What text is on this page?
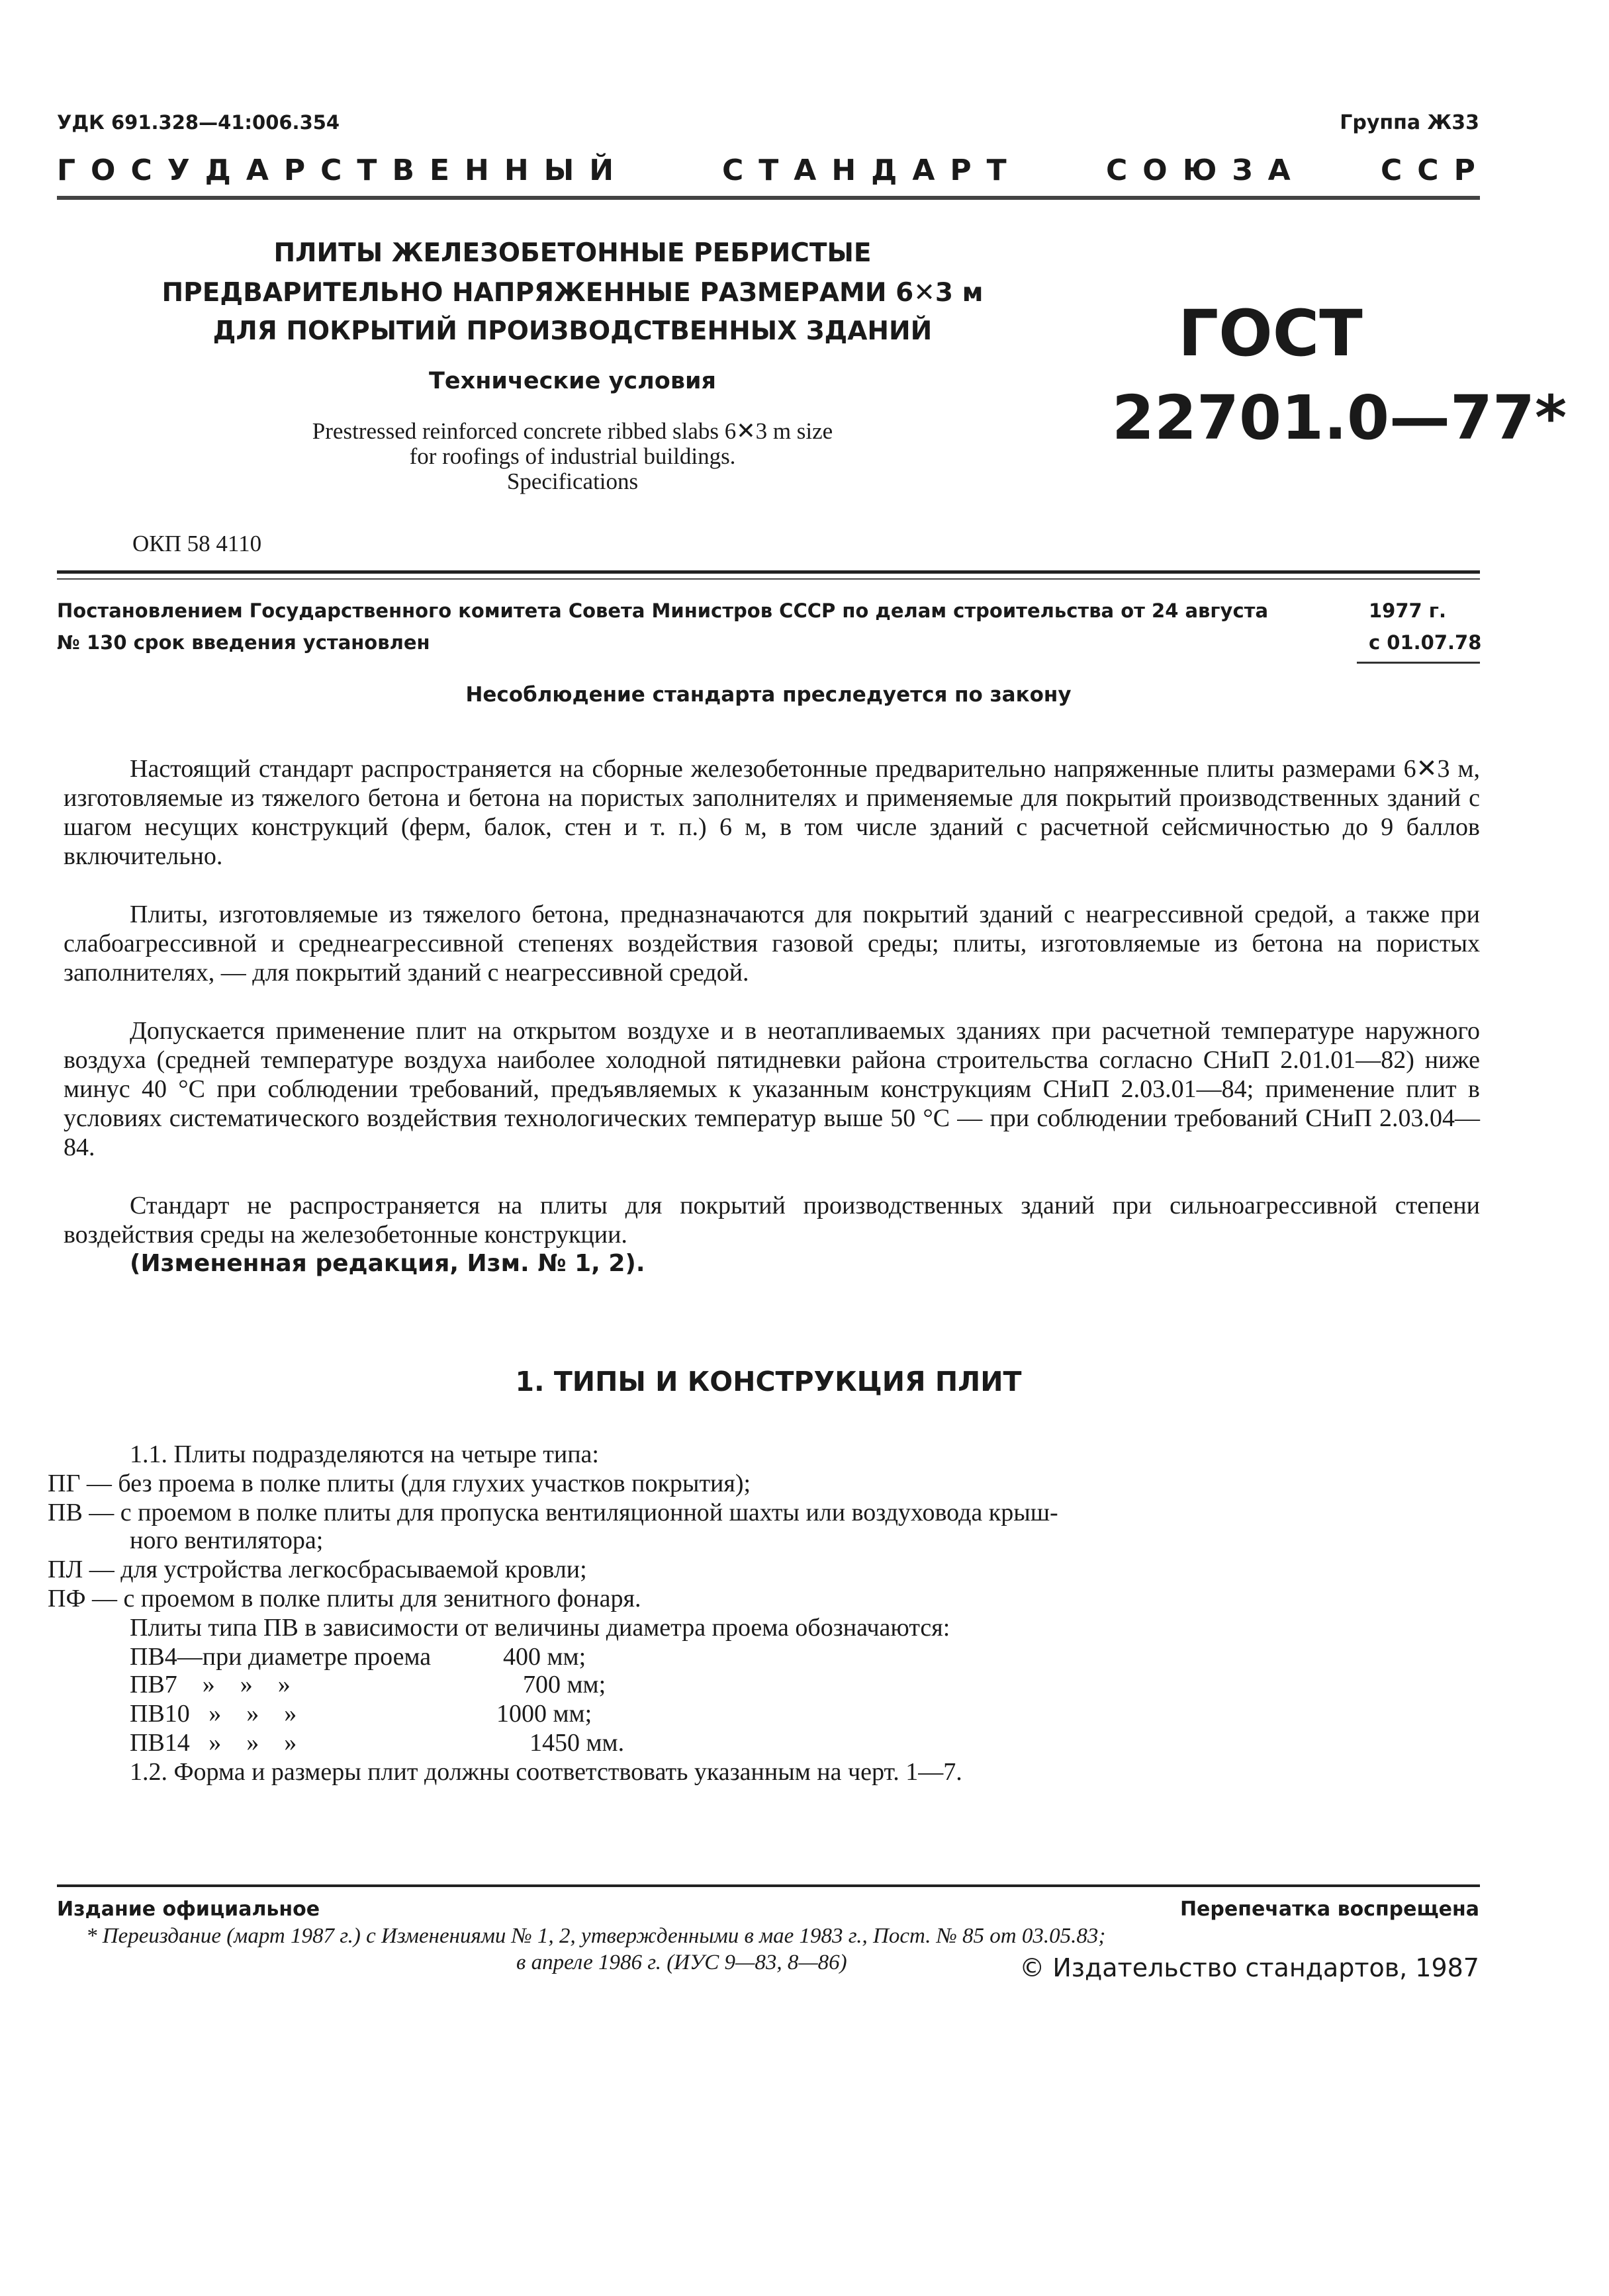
УДК 691.328—41:006.354	Группа Ж33
ГОСУДАРСТВЕННЫЙ	СТАНДАРТ	СОЮЗА	ССР
ПЛИТЫ ЖЕЛЕЗОБЕТОННЫЕ РЕБРИСТЫЕ
ПРЕДВАРИТЕЛЬНО НАПРЯЖЕННЫЕ РАЗМЕРАМИ 6✕3 м
ДЛЯ ПОКРЫТИЙ ПРОИЗВОДСТВЕННЫХ ЗДАНИЙ
Технические условия
Prestressed reinforced concrete ribbed slabs 6✕3 m size
for roofings of industrial buildings.
Specifications
ГОСТ
22701.0—77*
ОКП 58 4110
Постановлением Государственного комитета Совета Министров СССР по делам строительства от 24 августа	1977 г.
№ 130 срок введения установлен	с 01.07.78
Несоблюдение стандарта преследуется по закону
Настоящий стандарт распространяется на сборные железобетонные предварительно напряженные плиты размерами 6✕3 м, изготовляемые из тяжелого бетона и бетона на пористых заполнителях и применяемые для покрытий производственных зданий с шагом несущих конструкций (ферм, балок, стен и т. п.) 6 м, в том числе зданий с расчетной сейсмичностью до 9 баллов включительно.
Плиты, изготовляемые из тяжелого бетона, предназначаются для покрытий зданий с неагрессивной средой, а также при слабоагрессивной и среднеагрессивной степенях воздействия газовой среды; плиты, изготовляемые из бетона на пористых заполнителях, — для покрытий зданий с неагрессивной средой.
Допускается применение плит на открытом воздухе и в неотапливаемых зданиях при расчетной температуре наружного воздуха (средней температуре воздуха наиболее холодной пятидневки района строительства согласно СНиП 2.01.01—82) ниже минус 40 °С при соблюдении требований, предъявляемых к указанным конструкциям СНиП 2.03.01—84; применение плит в условиях систематического воздействия технологических температур выше 50 °С — при соблюдении требований СНиП 2.03.04—84.
Стандарт не распространяется на плиты для покрытий производственных зданий при сильноагрессивной степени воздействия среды на железобетонные конструкции.
(Измененная редакция, Изм. № 1, 2).
1. ТИПЫ И КОНСТРУКЦИЯ ПЛИТ
1.1. Плиты подразделяются на четыре типа:
ПГ — без проема в полке плиты (для глухих участков покрытия);
ПВ — с проемом в полке плиты для пропуска вентиляционной шахты или воздуховода крыш-
ного вентилятора;
ПЛ — для устройства легкосбрасываемой кровли;
ПФ — с проемом в полке плиты для зенитного фонаря.
Плиты типа ПВ в зависимости от величины диаметра проема обозначаются:
ПВ4—при диаметре проема	400 мм;
ПВ7    »    »    »	700 мм;
ПВ10   »    »    »	1000 мм;
ПВ14   »    »    »	1450 мм.
1.2. Форма и размеры плит должны соответствовать указанным на черт. 1—7.
Издание официальное	Перепечатка воспрещена
* Переиздание (март 1987 г.) с Изменениями № 1, 2, утвержденными в мае 1983 г., Пост. № 85 от 03.05.83;
в апреле 1986 г. (ИУС 9—83, 8—86)	© Издательство стандартов, 1987
